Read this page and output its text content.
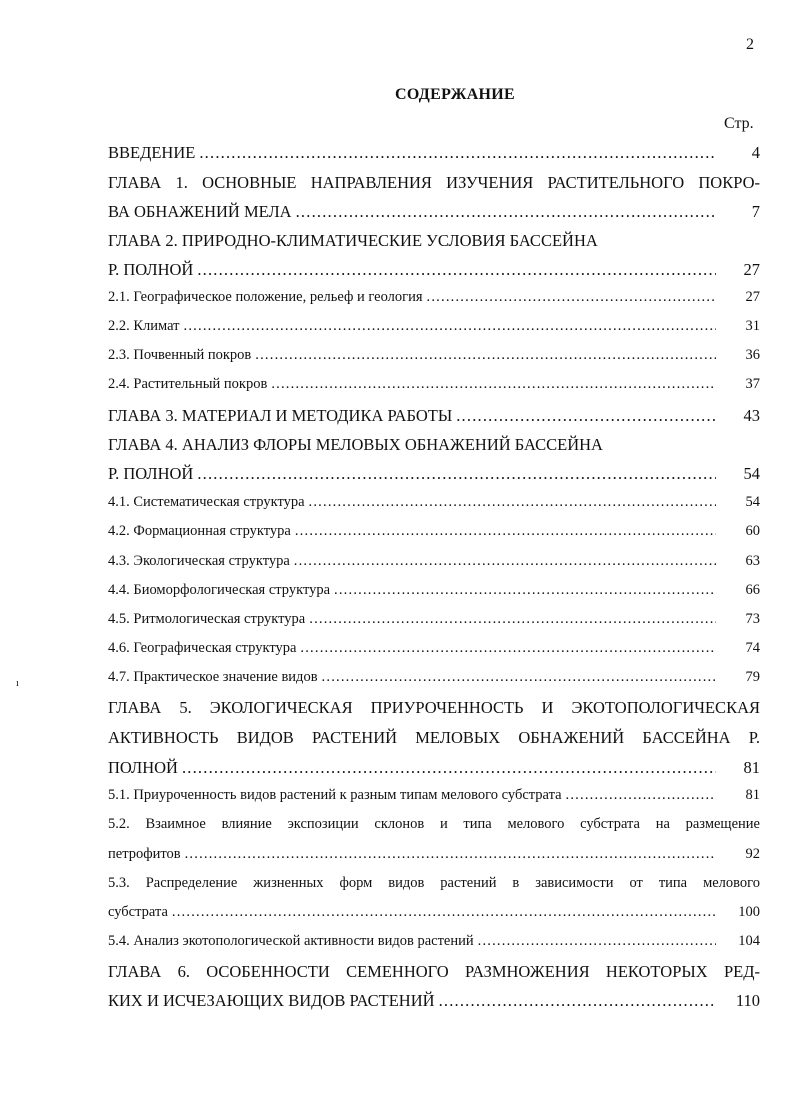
2
СОДЕРЖАНИЕ
Стр.
ı
ВВЕДЕНИЕ .....	4
ГЛАВА 1. ОСНОВНЫЕ НАПРАВЛЕНИЯ ИЗУЧЕНИЯ РАСТИТЕЛЬНОГО ПОКРО-
ВА ОБНАЖЕНИЙ МЕЛА .....	7
ГЛАВА 2. ПРИРОДНО-КЛИМАТИЧЕСКИЕ УСЛОВИЯ БАССЕЙНА
Р. ПОЛНОЙ .....	27
2.1. Географическое положение, рельеф и геология .....	27
2.2. Климат .....	31
2.3. Почвенный покров .....	36
2.4. Растительный покров .....	37
ГЛАВА 3. МАТЕРИАЛ И МЕТОДИКА РАБОТЫ .....	43
ГЛАВА 4. АНАЛИЗ ФЛОРЫ МЕЛОВЫХ ОБНАЖЕНИЙ БАССЕЙНА
Р. ПОЛНОЙ .....	54
4.1. Систематическая структура .....	54
4.2. Формационная структура .....	60
4.3. Экологическая структура .....	63
4.4. Биоморфологическая структура .....	66
4.5. Ритмологическая структура .....	73
4.6. Географическая структура .....	74
4.7. Практическое значение видов .....	79
ГЛАВА 5. ЭКОЛОГИЧЕСКАЯ ПРИУРОЧЕННОСТЬ И ЭКОТОПОЛОГИЧЕСКАЯ
АКТИВНОСТЬ ВИДОВ РАСТЕНИЙ МЕЛОВЫХ ОБНАЖЕНИЙ БАССЕЙНА Р.
ПОЛНОЙ .....	81
5.1. Приуроченность видов растений к разным типам мелового субстрата .....	81
5.2. Взаимное влияние экспозиции склонов и типа мелового субстрата на размещение
петрофитов .....	92
5.3. Распределение жизненных форм видов растений в зависимости от типа мелового
субстрата .....	100
5.4. Анализ экотопологической активности видов растений .....	104
ГЛАВА 6. ОСОБЕННОСТИ СЕМЕННОГО РАЗМНОЖЕНИЯ НЕКОТОРЫХ РЕД-
КИХ И ИСЧЕЗАЮЩИХ ВИДОВ РАСТЕНИЙ .....	110
